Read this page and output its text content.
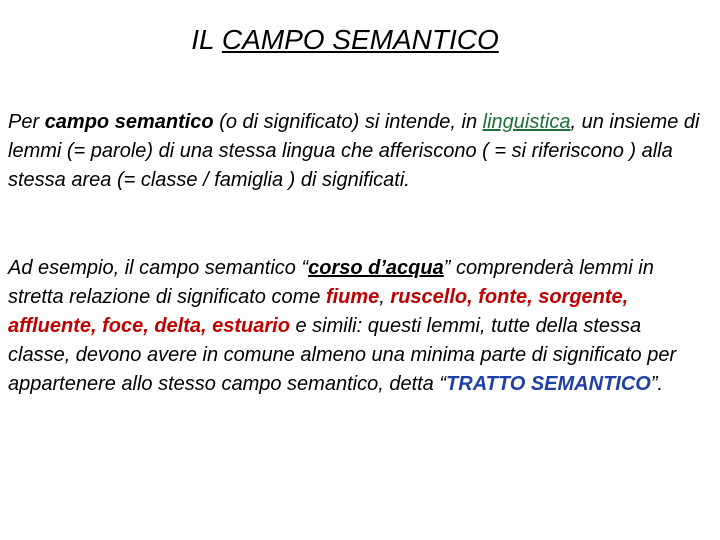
IL CAMPO SEMANTICO
Per campo semantico (o di significato) si intende, in linguistica, un insieme di lemmi (= parole) di una stessa lingua che afferiscono ( = si riferiscono ) alla stessa area (= classe / famiglia ) di significati.
Ad esempio, il campo semantico “corso d’acqua” comprenderà lemmi in stretta relazione di significato come fiume, ruscello, fonte, sorgente, affluente, foce, delta, estuario e simili: questi lemmi, tutte della stessa classe, devono avere in comune almeno una minima parte di significato per appartenere allo stesso campo semantico, detta “TRATTO SEMANTICO”.
